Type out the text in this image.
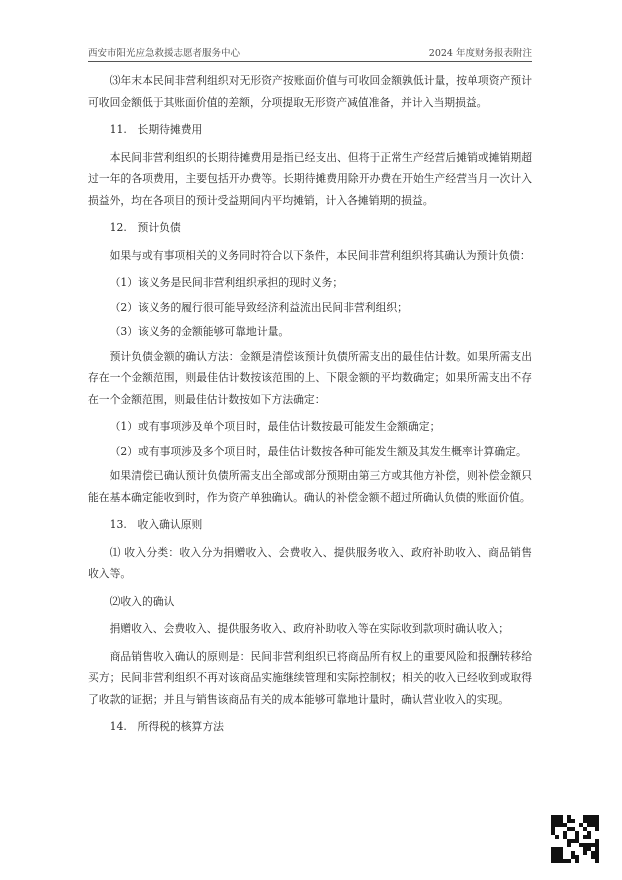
西安市阳光应急救援志愿者服务中心	2024 年度财务报表附注

⑶年末本民间非营利组织对无形资产按账面价值与可收回金额孰低计量，按单项资产预计可收回金额低于其账面价值的差额，分项提取无形资产减值准备，并计入当期损益。

11.　长期待摊费用

本民间非营利组织的长期待摊费用是指已经支出、但将于正常生产经营后摊销或摊销期超过一年的各项费用，主要包括开办费等。长期待摊费用除开办费在开始生产经营当月一次计入损益外，均在各项目的预计受益期间内平均摊销，计入各摊销期的损益。

12.　预计负债

如果与或有事项相关的义务同时符合以下条件，本民间非营利组织将其确认为预计负债：

（1）该义务是民间非营利组织承担的现时义务；

（2）该义务的履行很可能导致经济利益流出民间非营利组织；

（3）该义务的金额能够可靠地计量。

预计负债金额的确认方法：金额是清偿该预计负债所需支出的最佳估计数。如果所需支出存在一个金额范围，则最佳估计数按该范围的上、下限金额的平均数确定；如果所需支出不存在一个金额范围，则最佳估计数按如下方法确定：

（1）或有事项涉及单个项目时，最佳估计数按最可能发生金额确定；

（2）或有事项涉及多个项目时，最佳估计数按各种可能发生额及其发生概率计算确定。

如果清偿已确认预计负债所需支出全部或部分预期由第三方或其他方补偿，则补偿金额只能在基本确定能收到时，作为资产单独确认。确认的补偿金额不超过所确认负债的账面价值。

13.　收入确认原则

⑴ 收入分类：收入分为捐赠收入、会费收入、提供服务收入、政府补助收入、商品销售收入等。

⑵收入的确认

捐赠收入、会费收入、提供服务收入、政府补助收入等在实际收到款项时确认收入；

商品销售收入确认的原则是：民间非营利组织已将商品所有权上的重要风险和报酬转移给买方；民间非营利组织不再对该商品实施继续管理和实际控制权；相关的收入已经收到或取得了收款的证据；并且与销售该商品有关的成本能够可靠地计量时，确认营业收入的实现。

14.　所得税的核算方法
